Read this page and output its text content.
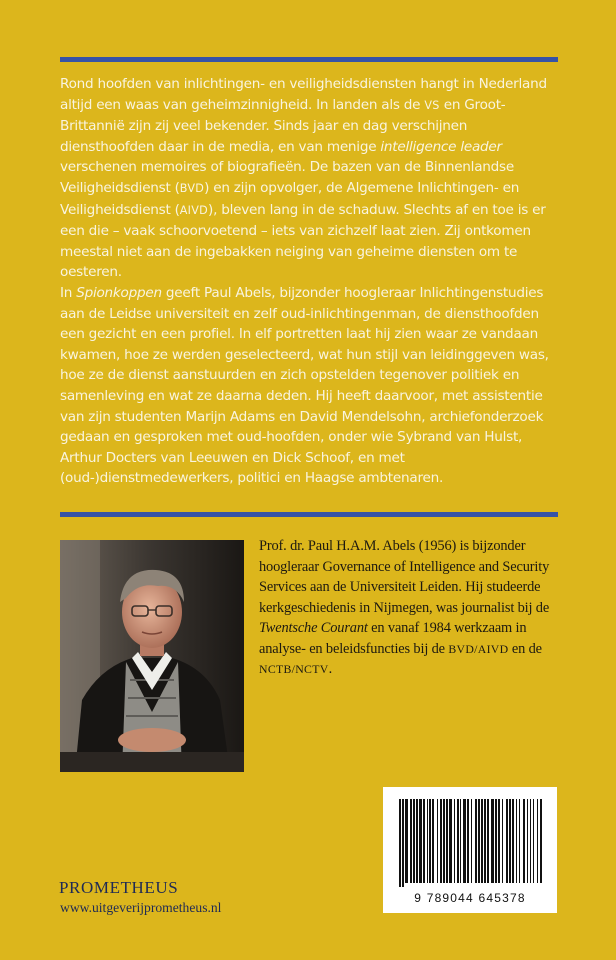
Rond hoofden van inlichtingen- en veiligheidsdiensten hangt in Nederland altijd een waas van geheimzinnigheid. In landen als de VS en Groot-Brittannië zijn zij veel bekender. Sinds jaar en dag verschijnen diensthoofden daar in de media, en van menige intelligence leader verschenen memoires of biografieën. De bazen van de Binnenlandse Veiligheidsdienst (BVD) en zijn opvolger, de Algemene Inlichtingen- en Veiligheidsdienst (AIVD), bleven lang in de schaduw. Slechts af en toe is er een die – vaak schoorvoetend – iets van zichzelf laat zien. Zij ontkomen meestal niet aan de ingebakken neiging van geheime diensten om te oesteren.

In Spionkoppen geeft Paul Abels, bijzonder hoogleraar Inlichtingenstudies aan de Leidse universiteit en zelf oud-inlichtingenman, de diensthoofden een gezicht en een profiel. In elf portretten laat hij zien waar ze vandaan kwamen, hoe ze werden geselecteerd, wat hun stijl van leidinggeven was, hoe ze de dienst aanstuurden en zich opstelden tegenover politiek en samenleving en wat ze daarna deden. Hij heeft daarvoor, met assistentie van zijn studenten Marijn Adams en David Mendelsohn, archiefonderzoek gedaan en gesproken met oud-hoofden, onder wie Sybrand van Hulst, Arthur Docters van Leeuwen en Dick Schoof, en met (oud-)dienstmedewerkers, politici en Haagse ambtenaren.

Prof. dr. Paul H.A.M. Abels (1956) is bijzonder hoogleraar Governance of Intelligence and Security Services aan de Universiteit Leiden. Hij studeerde kerkgeschiedenis in Nijmegen, was journalist bij de Twentsche Courant en vanaf 1984 werkzaam in analyse- en beleidsfuncties bij de BVD/AIVD en de NCTB/NCTV.

9 789044 645378
PROMETHEUS
www.uitgeverijprometheus.nl
